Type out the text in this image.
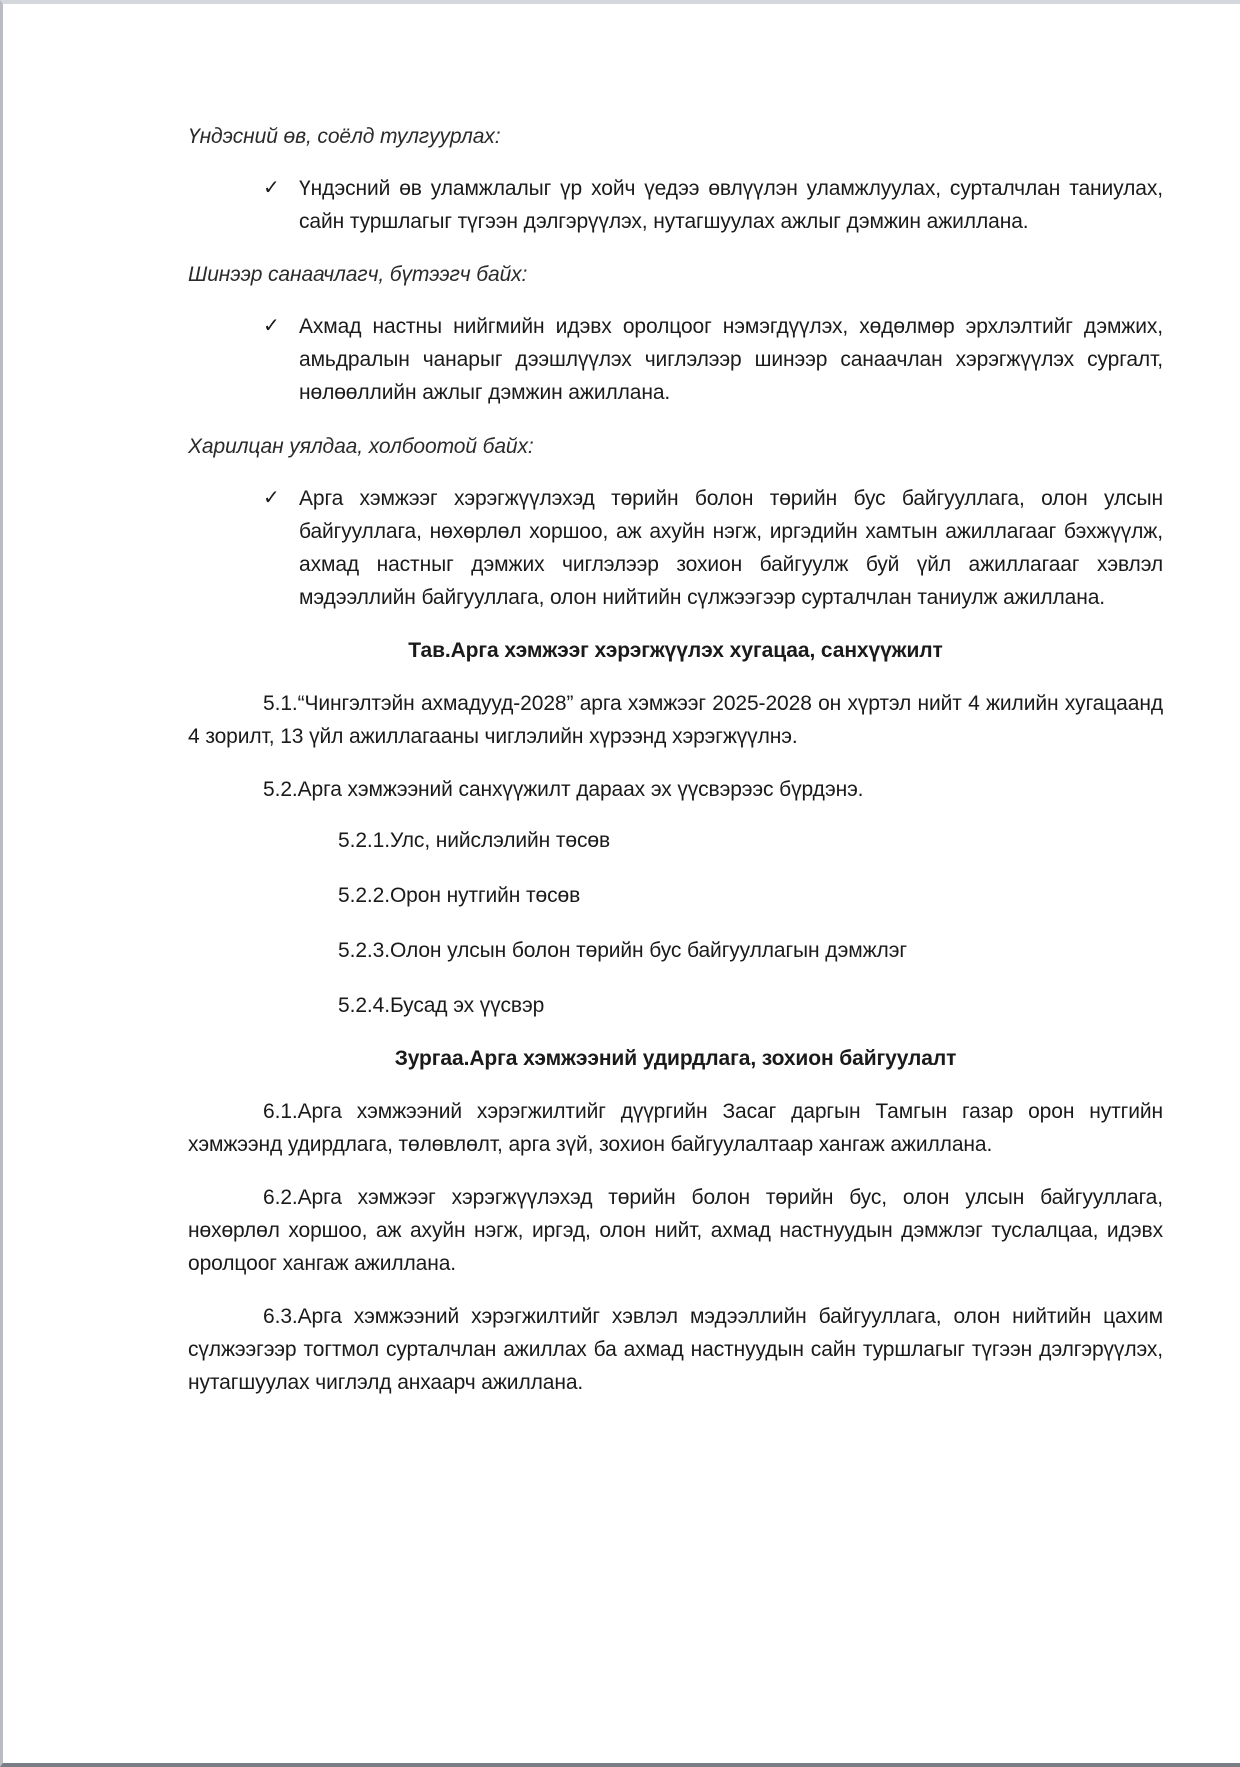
Үндэсний өв, соёлд тулгуурлах:

✓ Үндэсний өв уламжлалыг үр хойч үедээ өвлүүлэн уламжлуулах, сурталчлан таниулах, сайн туршлагыг түгээн дэлгэрүүлэх, нутагшуулах ажлыг дэмжин ажиллана.

Шинээр санаачлагч, бүтээгч байх:

✓ Ахмад настны нийгмийн идэвх оролцоог нэмэгдүүлэх, хөдөлмөр эрхлэлтийг дэмжих, амьдралын чанарыг дээшлүүлэх чиглэлээр шинээр санаачлан хэрэгжүүлэх сургалт, нөлөөллийн ажлыг дэмжин ажиллана.

Харилцан уялдаа, холбоотой байх:

✓ Арга хэмжээг хэрэгжүүлэхэд төрийн болон төрийн бус байгууллага, олон улсын байгууллага, нөхөрлөл хоршоо, аж ахуйн нэгж, иргэдийн хамтын ажиллагааг бэхжүүлж, ахмад настныг дэмжих чиглэлээр зохион байгуулж буй үйл ажиллагааг хэвлэл мэдээллийн байгууллага, олон нийтийн сүлжээгээр сурталчлан таниулж ажиллана.
Тав.Арга хэмжээг хэрэгжүүлэх хугацаа, санхүүжилт

5.1.“Чингэлтэйн ахмадууд-2028” арга хэмжээг 2025-2028 он хүртэл нийт 4 жилийн хугацаанд 4 зорилт, 13 үйл ажиллагааны чиглэлийн хүрээнд хэрэгжүүлнэ.

5.2.Арга хэмжээний санхүүжилт дараах эх үүсвэрээс бүрдэнэ.

5.2.1.Улс, нийслэлийн төсөв

5.2.2.Орон нутгийн төсөв

5.2.3.Олон улсын болон төрийн бус байгууллагын дэмжлэг

5.2.4.Бусад эх үүсвэр

Зургаа.Арга хэмжээний удирдлага, зохион байгуулалт

6.1.Арга хэмжээний хэрэгжилтийг дүүргийн Засаг даргын Тамгын газар орон нутгийн хэмжээнд удирдлага, төлөвлөлт, арга зүй, зохион байгуулалтаар хангаж ажиллана.

6.2.Арга хэмжээг хэрэгжүүлэхэд төрийн болон төрийн бус, олон улсын байгууллага, нөхөрлөл хоршоо, аж ахуйн нэгж, иргэд, олон нийт, ахмад настнуудын дэмжлэг туслалцаа, идэвх оролцоог хангаж ажиллана.

6.3.Арга хэмжээний хэрэгжилтийг хэвлэл мэдээллийн байгууллага, олон нийтийн цахим сүлжээгээр тогтмол сурталчлан ажиллах ба ахмад настнуудын сайн туршлагыг түгээн дэлгэрүүлэх, нутагшуулах чиглэлд анхаарч ажиллана.
